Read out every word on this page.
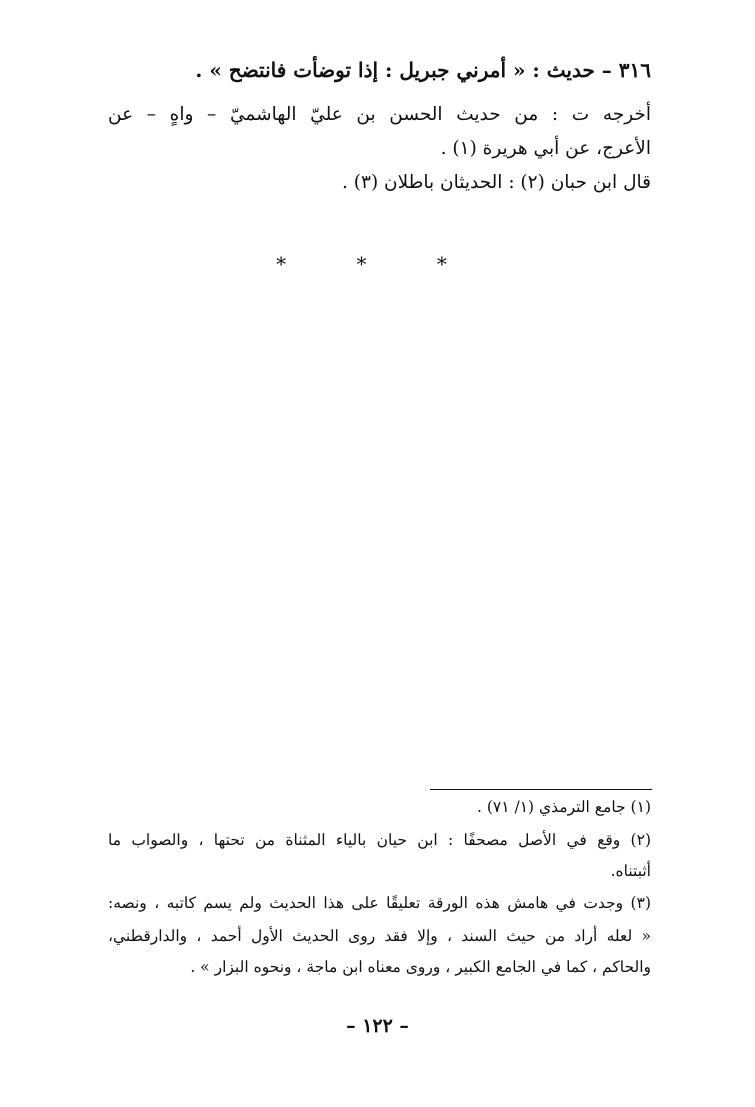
٣١٦ – حديث : « أمرني جبريل : إذا توضأت فانتضح » .
أخرجه ت : من حديث الحسن بن عليّ الهاشميّ – واهٍ – عن
الأعرج، عن أبي هريرة (١) .
قال ابن حبان (٢) : الحديثان باطلان (٣) .
* * *
(١) جامع الترمذي (١/ ٧١) .
(٢) وقع في الأصل مصحفًا : ابن حيان بالياء المثناة من تحتها ، والصواب ما
أثبتناه.
(٣) وجدت في هامش هذه الورقة تعليقًا على هذا الحديث ولم يسم كاتبه ، ونصه:
« لعله أراد من حيث السند ، وإلا فقد روى الحديث الأول أحمد ، والدارقطني،
والحاكم ، كما في الجامع الكبير ، وروى معناه ابن ماجة ، ونحوه البزار » .
– ١٢٢ –
